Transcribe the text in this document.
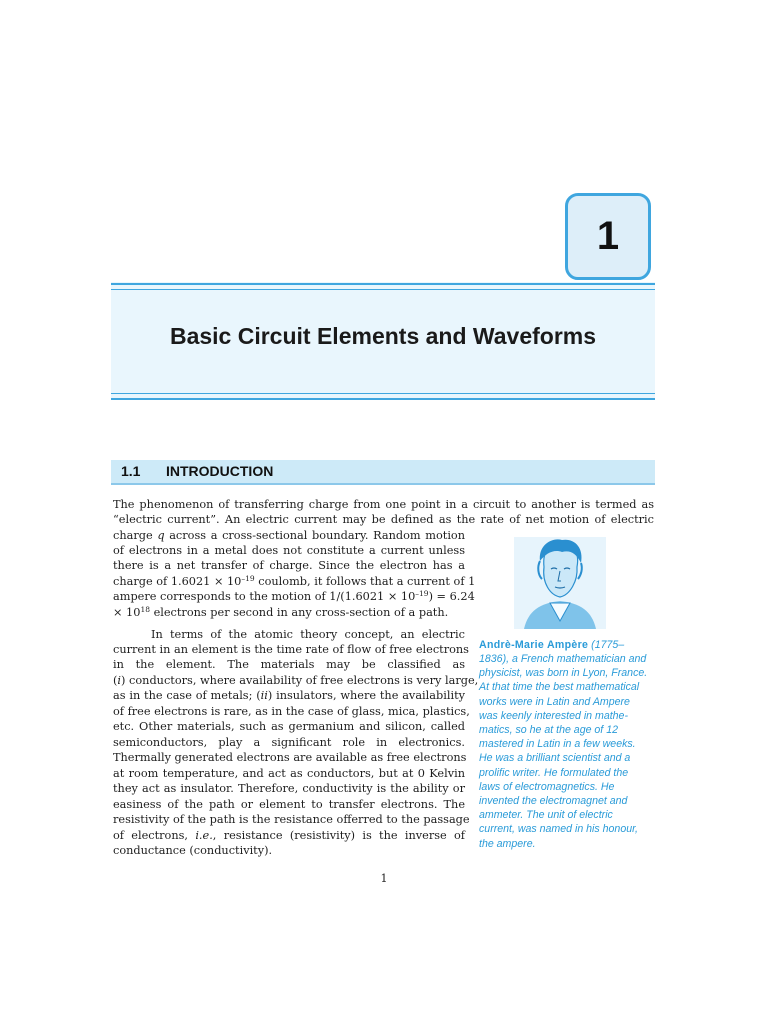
1
Basic Circuit Elements and Waveforms
1.1 INTRODUCTION
The phenomenon of transferring charge from one point in a circuit to another is termed as
“electric current”. An electric current may be defined as the rate of net motion of electric
charge q across a cross-sectional boundary. Random motion
of electrons in a metal does not constitute a current unless
there is a net transfer of charge. Since the electron has a
charge of $1.6021 \times 10^{-19}$ coulomb, it follows that a current of 1
ampere corresponds to the motion of $1/(1.6021 \times 10^{-19}) = 6.24$
× $10^{18}$ electrons per second in any cross-section of a path.
In terms of the atomic theory concept, an electric
current in an element is the time rate of flow of free electrons
in the element. The materials may be classified as
(i) conductors, where availability of free electrons is very large,
as in the case of metals; (ii) insulators, where the availability
of free electrons is rare, as in the case of glass, mica, plastics,
etc. Other materials, such as germanium and silicon, called
semiconductors, play a significant role in electronics.
Thermally generated electrons are available as free electrons
at room temperature, and act as conductors, but at 0 Kelvin
they act as insulator. Therefore, conductivity is the ability or
easiness of the path or element to transfer electrons. The
resistivity of the path is the resistance offerred to the passage
of electrons, i.e., resistance (resistivity) is the inverse of
conductance (conductivity).
Andrè-Marie Ampère (1775–
1836), a French mathematician and
physicist, was born in Lyon, France.
At that time the best mathematical
works were in Latin and Ampere
was keenly interested in mathe-
matics, so he at the age of 12
mastered in Latin in a few weeks.
He was a brilliant scientist and a
prolific writer. He formulated the
laws of electromagnetics. He
invented the electromagnet and
ammeter. The unit of electric
current, was named in his honour,
the ampere.
1
